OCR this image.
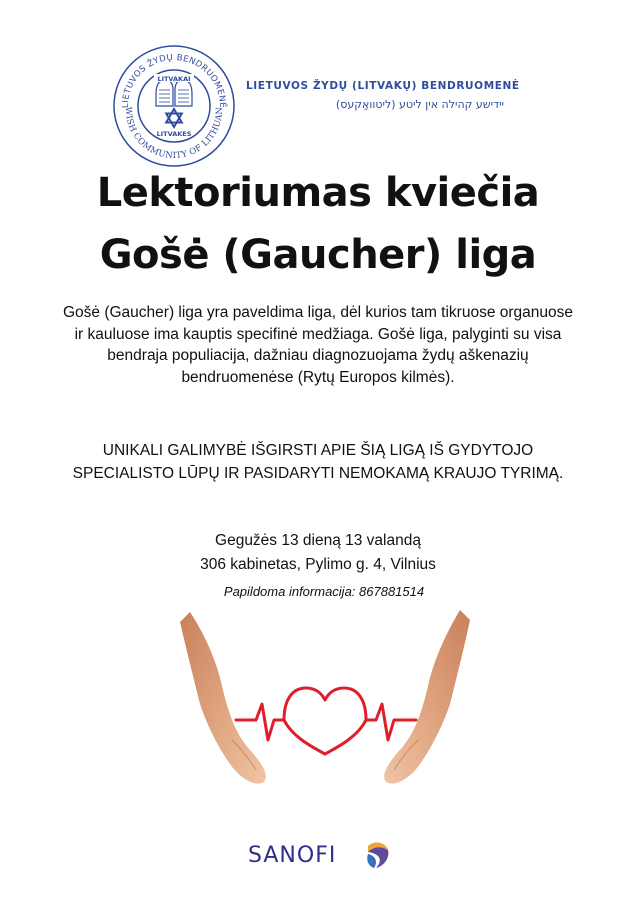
LIETUVOS ŽYDŲ BENDRUOMENĖ
WISH COMMUNITY OF LITHUAN
LITVAKAI
LITVAKES
LIETUVOS ŽYDŲ (LITVAKŲ) BENDRUOMENĖ
יידישע קהילה אין ליטע (ליטוואַקעס)
Lektoriumas kviečia
Gošė (Gaucher) liga
Gošė (Gaucher) liga yra paveldima liga, dėl kurios tam tikruose organuose ir kauluose ima kauptis specifinė medžiaga. Gošė liga, palyginti su visa bendraja populiacija, dažniau diagnozuojama žydų aškenazių bendruomenėse (Rytų Europos kilmės).
UNIKALI GALIMYBĖ IŠGIRSTI APIE ŠIĄ LIGĄ IŠ GYDYTOJO SPECIALISTO LŪPŲ IR PASIDARYTI NEMOKAMĄ KRAUJO TYRIMĄ.
Gegužės 13 dieną 13 valandą
306 kabinetas, Pylimo g. 4, Vilnius
Papildoma informacija: 867881514
SANOFI
